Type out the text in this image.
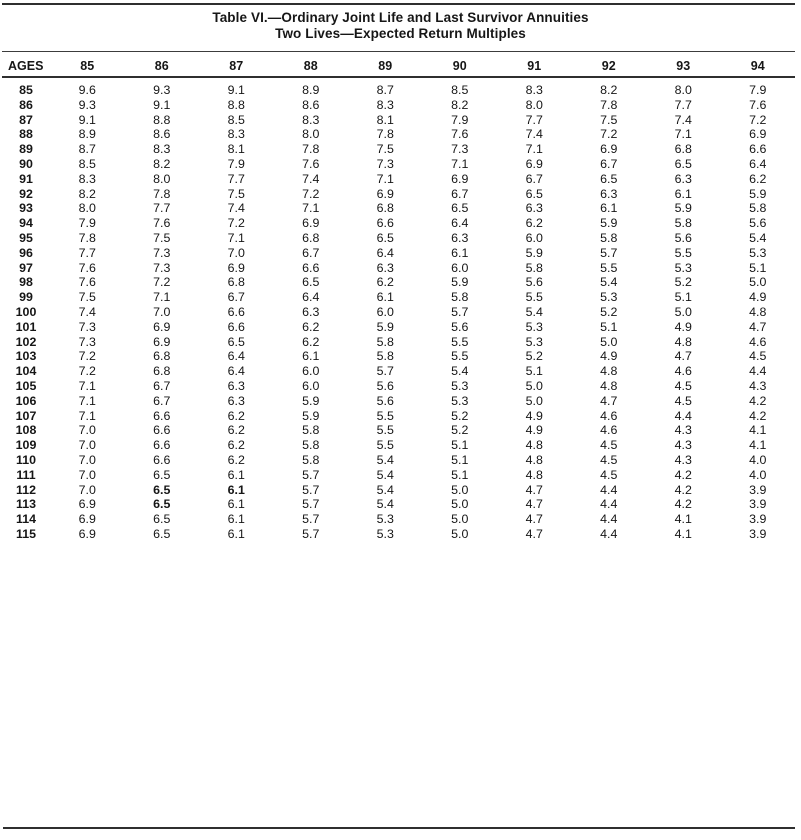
Table VI.—Ordinary Joint Life and Last Survivor Annuities
Two Lives—Expected Return Multiples
AGES	85	86	87	88	89	90	91	92	93	94
85	9.6	9.3	9.1	8.9	8.7	8.5	8.3	8.2	8.0	7.9
86	9.3	9.1	8.8	8.6	8.3	8.2	8.0	7.8	7.7	7.6
87	9.1	8.8	8.5	8.3	8.1	7.9	7.7	7.5	7.4	7.2
88	8.9	8.6	8.3	8.0	7.8	7.6	7.4	7.2	7.1	6.9
89	8.7	8.3	8.1	7.8	7.5	7.3	7.1	6.9	6.8	6.6
90	8.5	8.2	7.9	7.6	7.3	7.1	6.9	6.7	6.5	6.4
91	8.3	8.0	7.7	7.4	7.1	6.9	6.7	6.5	6.3	6.2
92	8.2	7.8	7.5	7.2	6.9	6.7	6.5	6.3	6.1	5.9
93	8.0	7.7	7.4	7.1	6.8	6.5	6.3	6.1	5.9	5.8
94	7.9	7.6	7.2	6.9	6.6	6.4	6.2	5.9	5.8	5.6
95	7.8	7.5	7.1	6.8	6.5	6.3	6.0	5.8	5.6	5.4
96	7.7	7.3	7.0	6.7	6.4	6.1	5.9	5.7	5.5	5.3
97	7.6	7.3	6.9	6.6	6.3	6.0	5.8	5.5	5.3	5.1
98	7.6	7.2	6.8	6.5	6.2	5.9	5.6	5.4	5.2	5.0
99	7.5	7.1	6.7	6.4	6.1	5.8	5.5	5.3	5.1	4.9
100	7.4	7.0	6.6	6.3	6.0	5.7	5.4	5.2	5.0	4.8
101	7.3	6.9	6.6	6.2	5.9	5.6	5.3	5.1	4.9	4.7
102	7.3	6.9	6.5	6.2	5.8	5.5	5.3	5.0	4.8	4.6
103	7.2	6.8	6.4	6.1	5.8	5.5	5.2	4.9	4.7	4.5
104	7.2	6.8	6.4	6.0	5.7	5.4	5.1	4.8	4.6	4.4
105	7.1	6.7	6.3	6.0	5.6	5.3	5.0	4.8	4.5	4.3
106	7.1	6.7	6.3	5.9	5.6	5.3	5.0	4.7	4.5	4.2
107	7.1	6.6	6.2	5.9	5.5	5.2	4.9	4.6	4.4	4.2
108	7.0	6.6	6.2	5.8	5.5	5.2	4.9	4.6	4.3	4.1
109	7.0	6.6	6.2	5.8	5.5	5.1	4.8	4.5	4.3	4.1
110	7.0	6.6	6.2	5.8	5.4	5.1	4.8	4.5	4.3	4.0
111	7.0	6.5	6.1	5.7	5.4	5.1	4.8	4.5	4.2	4.0
112	7.0	6.5	6.1	5.7	5.4	5.0	4.7	4.4	4.2	3.9
113	6.9	6.5	6.1	5.7	5.4	5.0	4.7	4.4	4.2	3.9
114	6.9	6.5	6.1	5.7	5.3	5.0	4.7	4.4	4.1	3.9
115	6.9	6.5	6.1	5.7	5.3	5.0	4.7	4.4	4.1	3.9
